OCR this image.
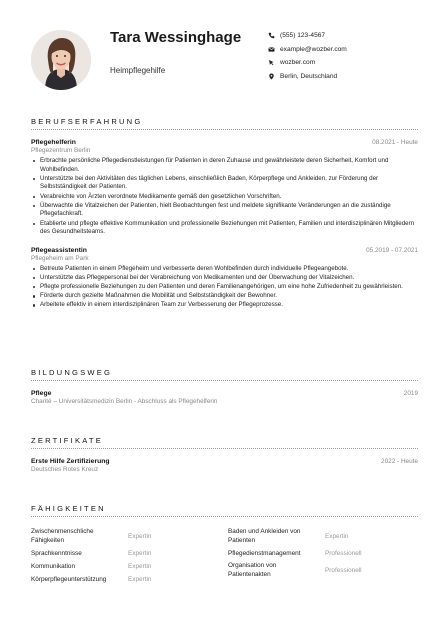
Tara Wessinghage
Heimpflegehilfe
(555) 123-4567
example@wozber.com
wozber.com
Berlin, Deutschland
BERUFSERFAHRUNG
Pflegehelferin	08.2021 - Heute
Pflegezentrum Berlin
Erbrachte persönliche Pflegedienstleistungen für Patienten in deren Zuhause und gewährleistete deren Sicherheit, Komfort und Wohlbefinden.
Unterstützte bei den Aktivitäten des täglichen Lebens, einschließlich Baden, Körperpflege und Ankleiden, zur Förderung der Selbstständigkeit der Patienten.
Verabreichte von Ärzten verordnete Medikamente gemäß den gesetzlichen Vorschriften.
Überwachte die Vitalzeichen der Patienten, hielt Beobachtungen fest und meldete signifikante Veränderungen an die zuständige Pflegefachkraft.
Etablierte und pflegte effektive Kommunikation und professionelle Beziehungen mit Patienten, Familien und interdisziplinären Mitgliedern des Gesundheitsteams.
Pflegeassistentin	05.2019 - 07.2021
Pflegeheim am Park
Betreute Patienten in einem Pflegeheim und verbesserte deren Wohlbefinden durch individuelle Pflegeangebote.
Unterstützte das Pflegepersonal bei der Verabreichung von Medikamenten und der Überwachung der Vitalzeichen.
Pflegte professionelle Beziehungen zu den Patienten und deren Familienangehörigen, um eine hohe Zufriedenheit zu gewährleisten.
Förderte durch gezielte Maßnahmen die Mobilität und Selbstständigkeit der Bewohner.
Arbeitete effektiv in einem interdisziplinären Team zur Verbesserung der Pflegeprozesse.
BILDUNGSWEG
Pflege	2019
Charité – Universitätsmedizin Berlin - Abschluss als Pflegehelferin
ZERTIFIKATE
Erste Hilfe Zertifizierung	2022 - Heute
Deutsches Rotes Kreuz
FÄHIGKEITEN
Zwischenmenschliche Fähigkeiten
Expertin
Sprachkenntnisse	Expertin
Kommunikation	Expertin
Körperpflegeunterstützung	Expertin
Baden und Ankleiden von Patienten
Expertin
Pflegedienstmanagement	Professionell
Organisation von Patientenakten
Professionell
